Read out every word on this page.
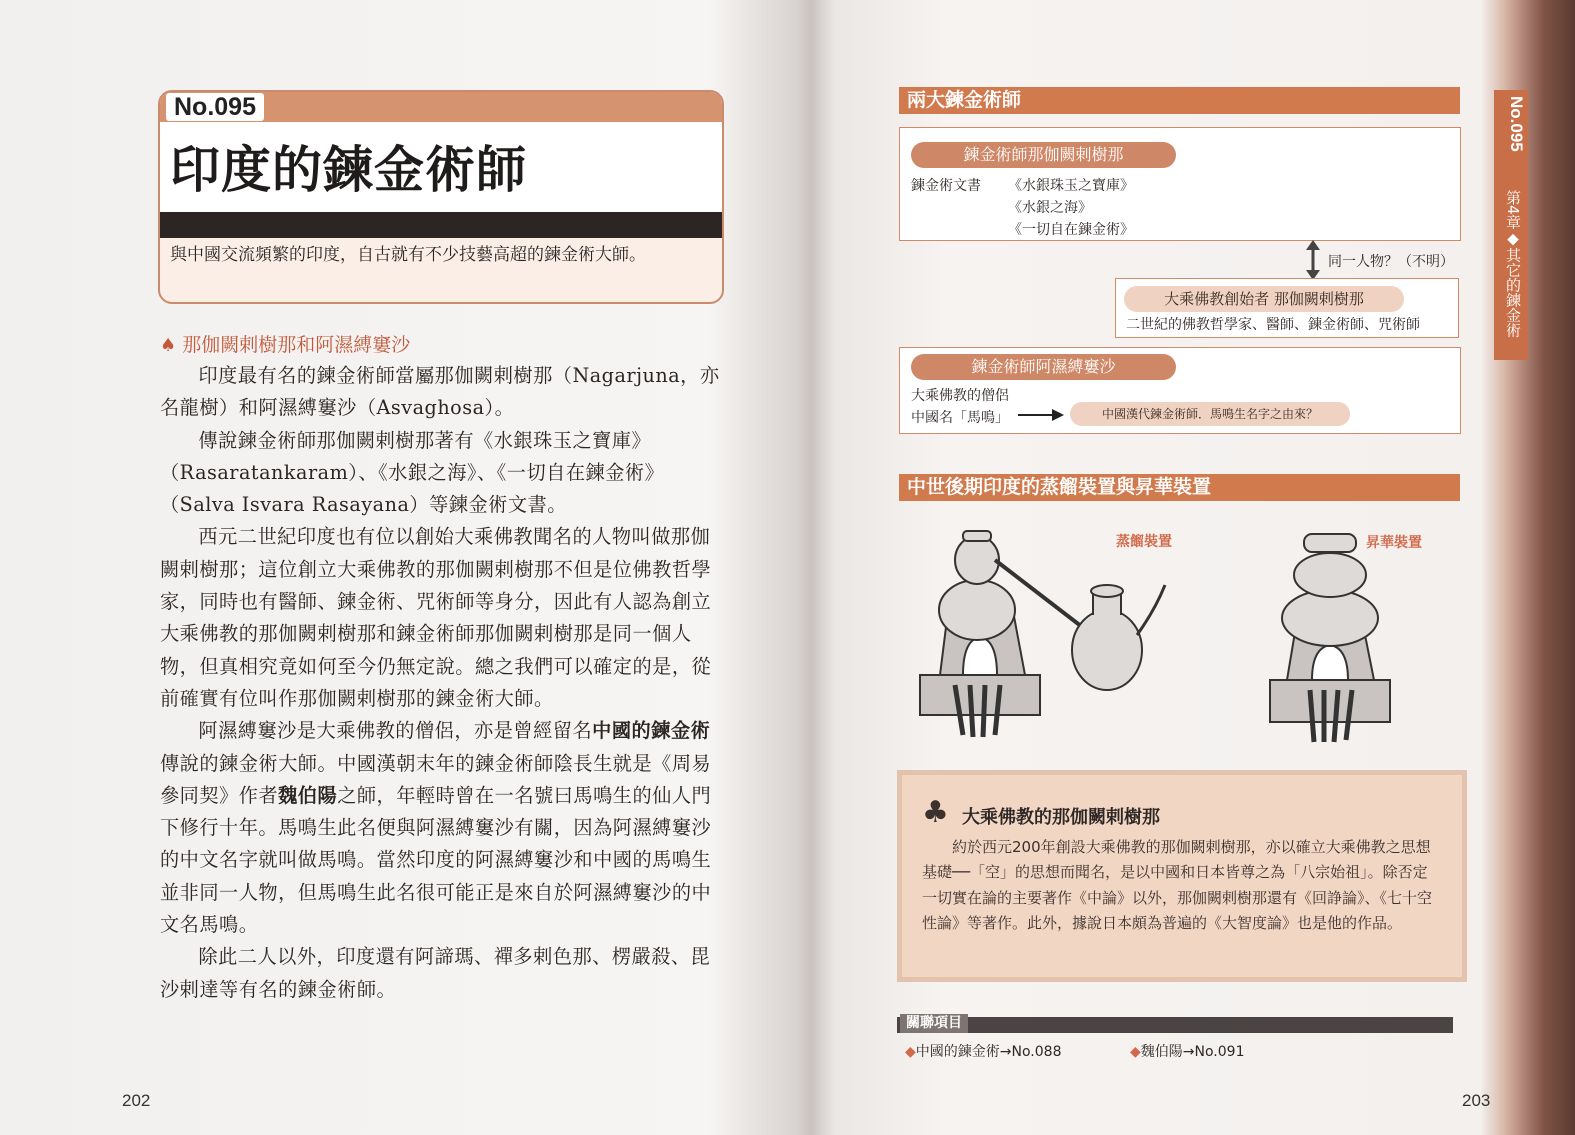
No.095
印度的鍊金術師
與中國交流頻繁的印度，自古就有不少技藝高超的鍊金術大師。
♠ 那伽闕剌樹那和阿濕縛窶沙

印度最有名的鍊金術師當屬那伽闕剌樹那（Nagarjuna，亦名龍樹）和阿濕縛窶沙（Asvaghosa）。

傳說鍊金術師那伽闕剌樹那著有《水銀珠玉之寶庫》（Rasaratankaram）、《水銀之海》、《一切自在鍊金術》（Salva Isvara Rasayana）等鍊金術文書。

西元二世紀印度也有位以創始大乘佛教聞名的人物叫做那伽闕剌樹那；這位創立大乘佛教的那伽闕剌樹那不但是位佛教哲學家，同時也有醫師、鍊金術、咒術師等身分，因此有人認為創立大乘佛教的那伽闕剌樹那和鍊金術師那伽闕剌樹那是同一個人物，但真相究竟如何至今仍無定說。總之我們可以確定的是，從前確實有位叫作那伽闕剌樹那的鍊金術大師。

阿濕縛窶沙是大乘佛教的僧侶，亦是曾經留名中國的鍊金術傳說的鍊金術大師。中國漢朝末年的鍊金術師陰長生就是《周易參同契》作者魏伯陽之師，年輕時曾在一名號曰馬鳴生的仙人門下修行十年。馬鳴生此名便與阿濕縛窶沙有關，因為阿濕縛窶沙的中文名字就叫做馬鳴。當然印度的阿濕縛窶沙和中國的馬鳴生並非同一人物，但馬鳴生此名很可能正是來自於阿濕縛窶沙的中文名馬鳴。

除此二人以外，印度還有阿諦瑪、禪多剌色那、楞嚴殺、毘沙剌達等有名的鍊金術師。

202
兩大鍊金術師
鍊金術師那伽闕剌樹那
鍊金術文書 《水銀珠玉之寶庫》
《水銀之海》
《一切自在鍊金術》
同一人物？（不明）
大乘佛教創始者 那伽闕剌樹那
二世紀的佛教哲學家、醫師、鍊金術師、咒術師
鍊金術師阿濕縛窶沙
大乘佛教的僧侶
中國名「馬鳴」	中國漢代鍊金術師．馬鳴生名字之由來？
中世後期印度的蒸餾裝置與昇華裝置
蒸餾裝置	昇華裝置
♣ 大乘佛教的那伽闕剌樹那
約於西元200年創設大乘佛教的那伽闕剌樹那，亦以確立大乘佛教之思想基礎──「空」的思想而聞名，是以中國和日本皆尊之為「八宗始祖」。除否定一切實在論的主要著作《中論》以外，那伽闕剌樹那還有《回諍論》、《七十空性論》等著作。此外，據說日本頗為普遍的《大智度論》也是他的作品。
關聯項目
◆中國的鍊金術→No.088	◆魏伯陽→No.091
203
No.095
第4章◆其它的鍊金術
